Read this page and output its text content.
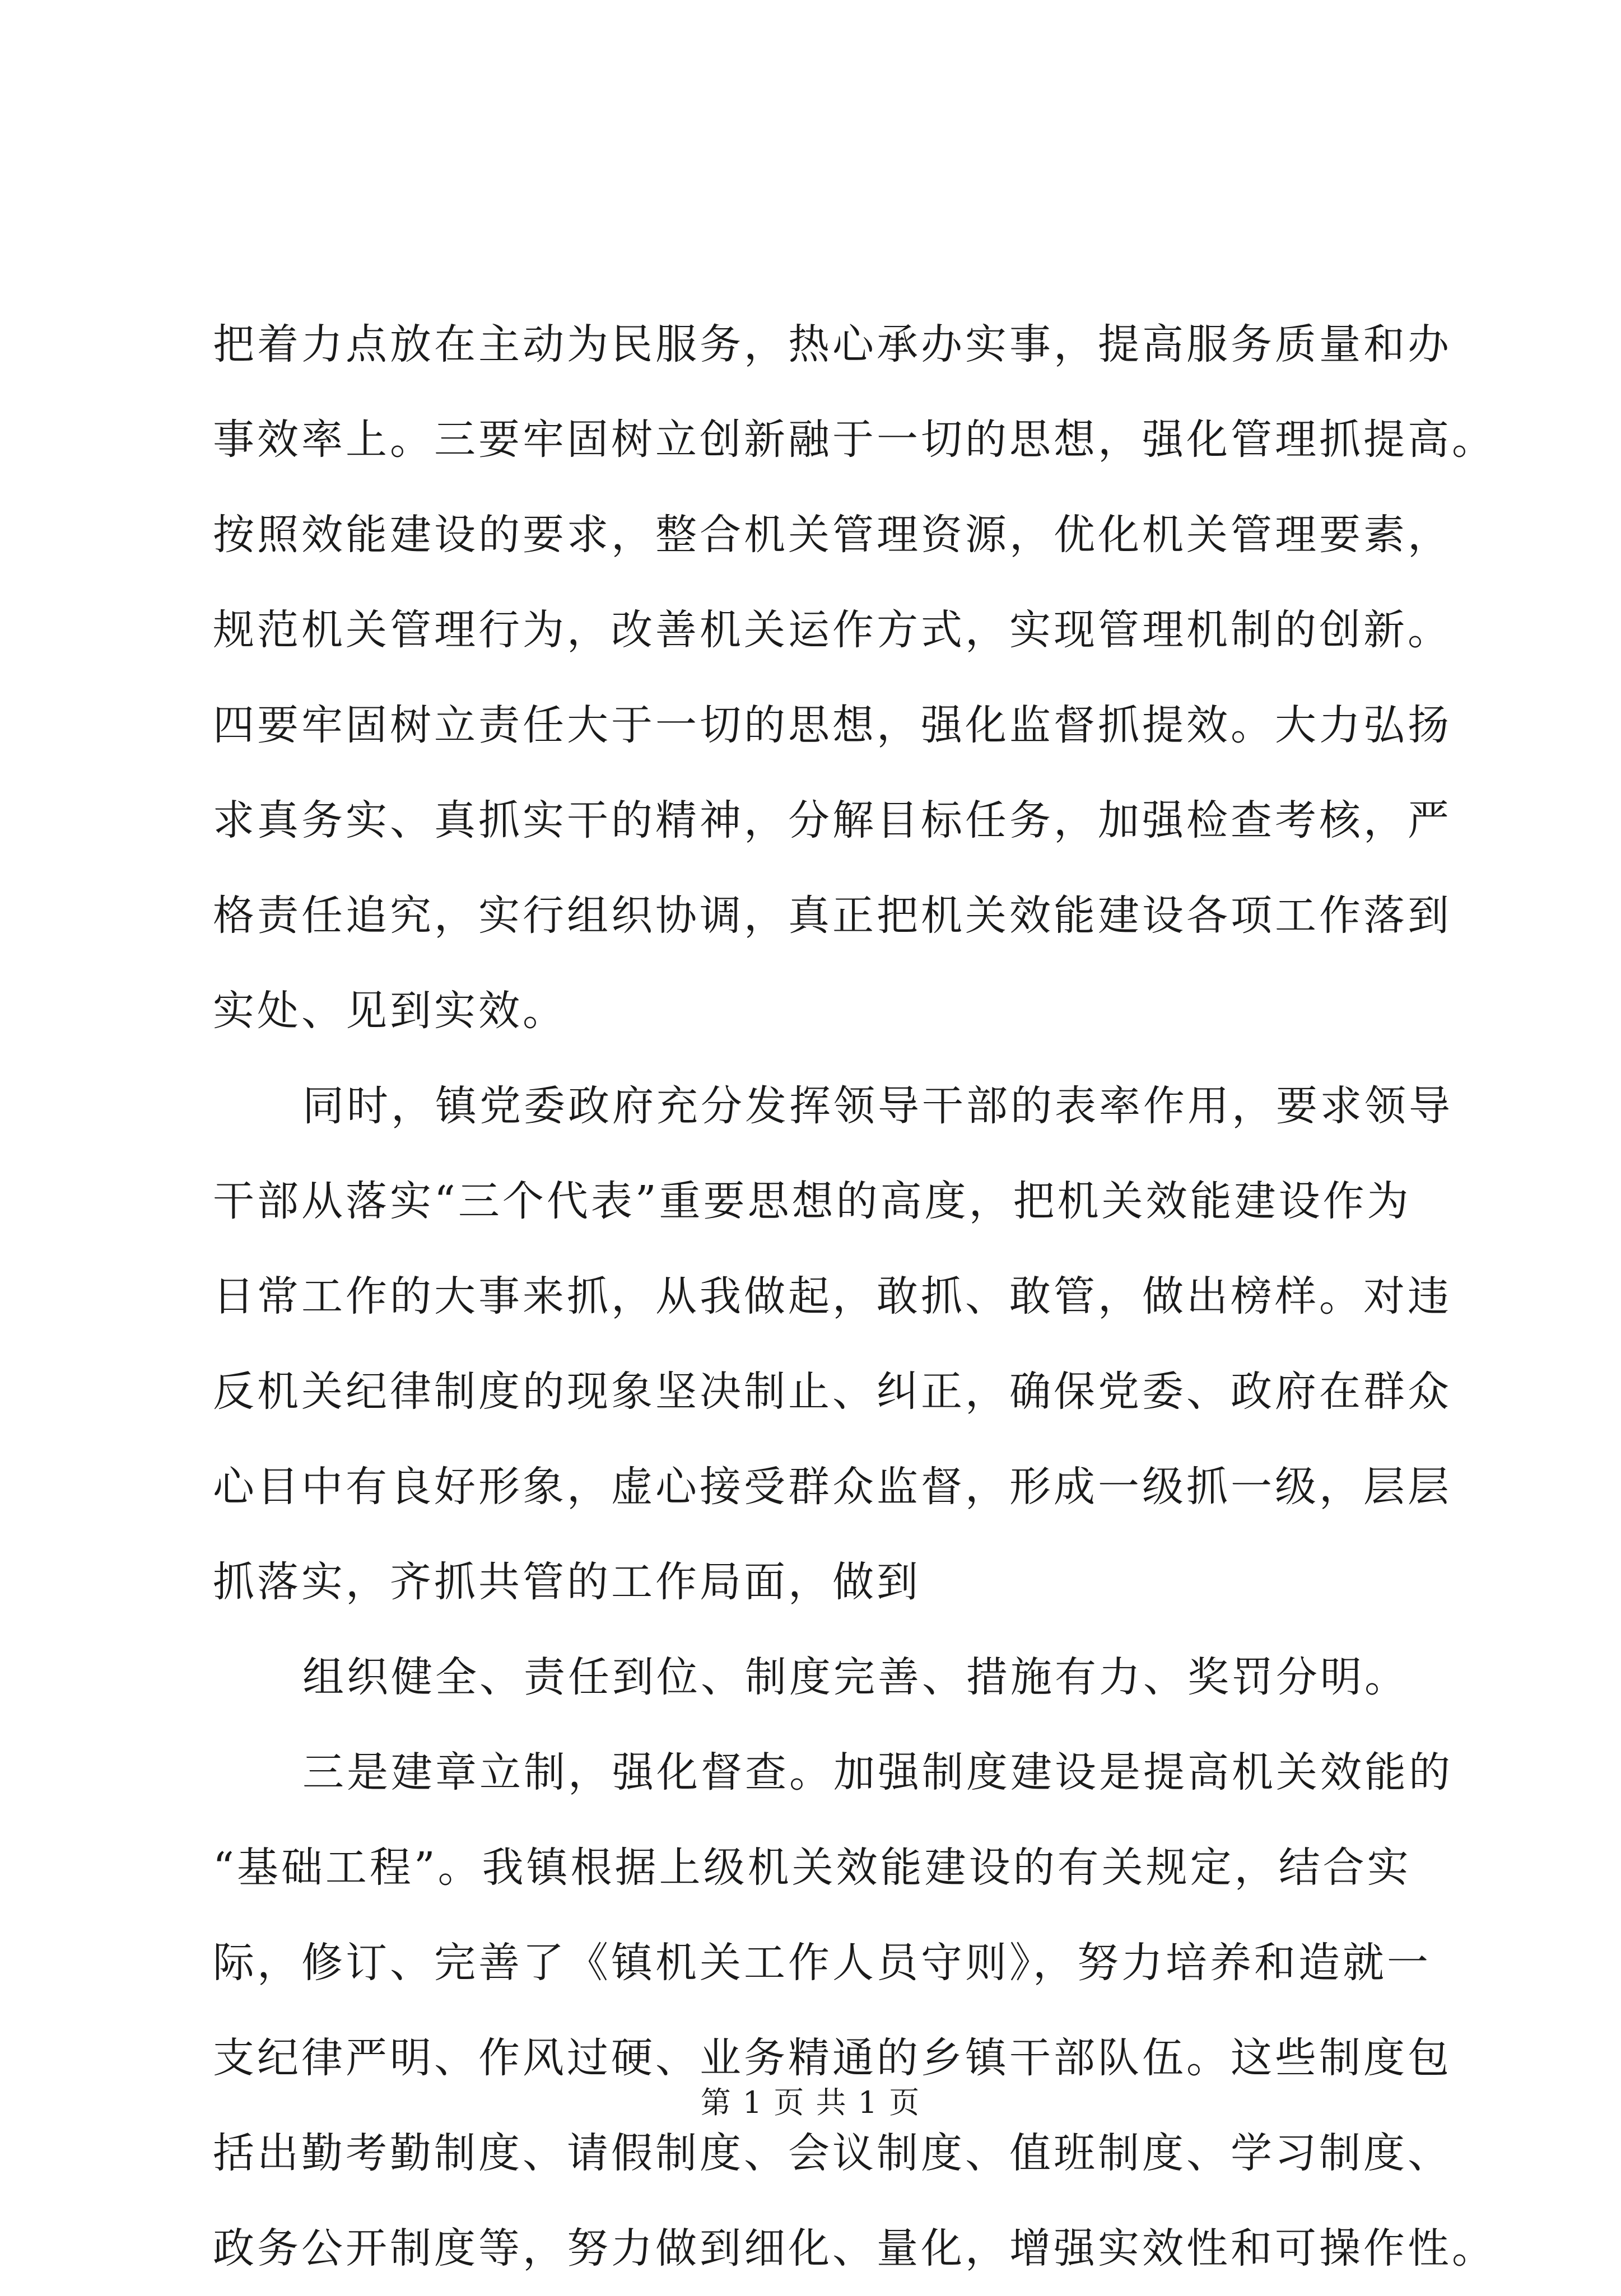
把着力点放在主动为民服务，热心承办实事，提高服务质量和办
事效率上。三要牢固树立创新融于一切的思想，强化管理抓提高。
按照效能建设的要求，整合机关管理资源，优化机关管理要素，
规范机关管理行为，改善机关运作方式，实现管理机制的创新。
四要牢固树立责任大于一切的思想，强化监督抓提效。大力弘扬
求真务实、真抓实干的精神，分解目标任务，加强检查考核，严
格责任追究，实行组织协调，真正把机关效能建设各项工作落到
实处、见到实效。
同时，镇党委政府充分发挥领导干部的表率作用，要求领导
干部从落实“三个代表”重要思想的高度，把机关效能建设作为
日常工作的大事来抓，从我做起，敢抓、敢管，做出榜样。对违
反机关纪律制度的现象坚决制止、纠正，确保党委、政府在群众
心目中有良好形象，虚心接受群众监督，形成一级抓一级，层层
抓落实，齐抓共管的工作局面，做到
组织健全、责任到位、制度完善、措施有力、奖罚分明。
三是建章立制，强化督查。加强制度建设是提高机关效能的
“基础工程”。我镇根据上级机关效能建设的有关规定，结合实
际，修订、完善了《镇机关工作人员守则》，努力培养和造就一
支纪律严明、作风过硬、业务精通的乡镇干部队伍。这些制度包
括出勤考勤制度、请假制度、会议制度、值班制度、学习制度、
政务公开制度等，努力做到细化、量化，增强实效性和可操作性。
第 1 页 共 1 页
